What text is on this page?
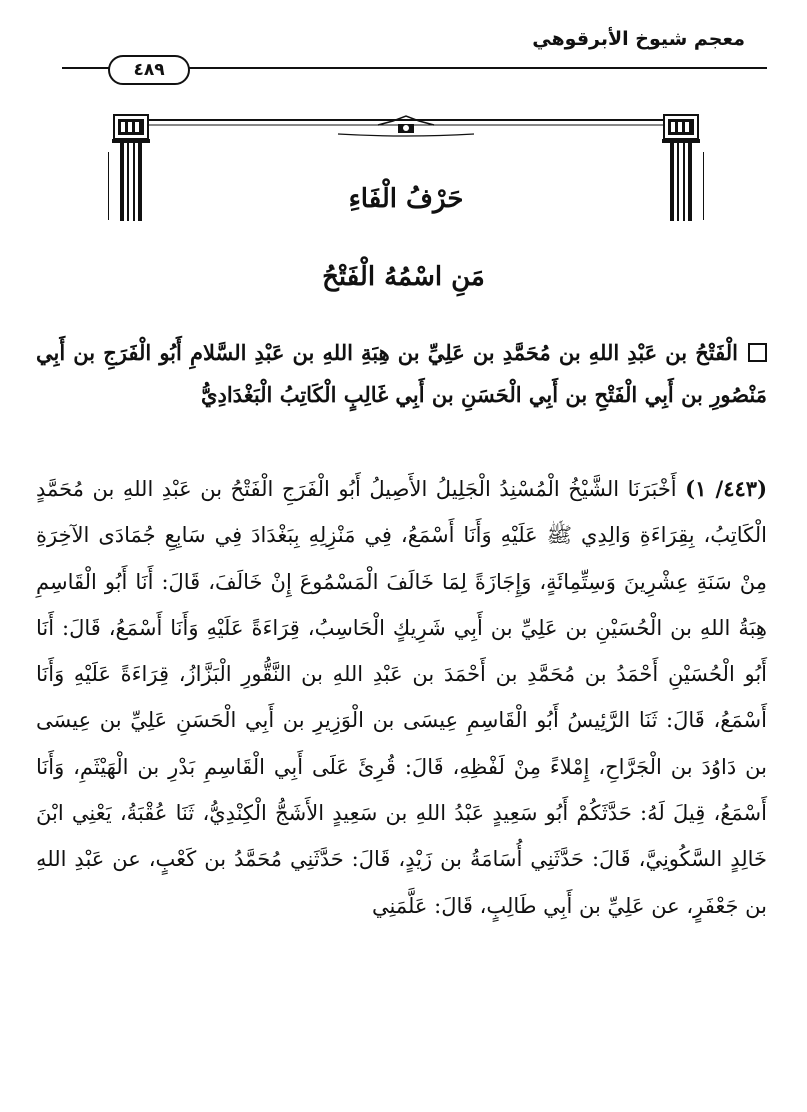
معجم شيوخ الأبرقوهي
٤٨٩
حَرْفُ الْفَاءِ
مَنِ اسْمُهُ الْفَتْحُ
الْفَتْحُ بن عَبْدِ اللهِ بن مُحَمَّدِ بن عَلِيِّ بن هِبَةِ اللهِ بن عَبْدِ السَّلامِ أَبُو الْفَرَجِ بن أَبِي مَنْصُورِ بن أَبِي الْفَتْحِ بن أَبِي الْحَسَنِ بن أَبِي غَالِبٍ الْكَاتِبُ الْبَغْدَادِيُّ
(٤٤٣/ ١) أَخْبَرَنَا الشَّيْخُ الْمُسْنِدُ الْجَلِيلُ الأَصِيلُ أَبُو الْفَرَجِ الْفَتْحُ بن عَبْدِ اللهِ بن مُحَمَّدٍ الْكَاتِبُ، بِقِرَاءَةِ وَالِدِي ﷺ عَلَيْهِ وَأَنَا أَسْمَعُ، فِي مَنْزِلِهِ بِبَغْدَادَ فِي سَابِعِ جُمَادَى الآخِرَةِ مِنْ سَنَةِ عِشْرِينَ وَسِتِّمِائَةٍ، وَإِجَازَةً لِمَا خَالَفَ الْمَسْمُوعَ إِنْ خَالَفَ، قَالَ: أَنَا أَبُو الْقَاسِمِ هِبَةُ اللهِ بن الْحُسَيْنِ بن عَلِيِّ بن أَبِي شَرِيكٍ الْحَاسِبُ، قِرَاءَةً عَلَيْهِ وَأَنَا أَسْمَعُ، قَالَ: أَنَا أَبُو الْحُسَيْنِ أَحْمَدُ بن مُحَمَّدِ بن أَحْمَدَ بن عَبْدِ اللهِ بن النَّقُّورِ الْبَزَّازُ، قِرَاءَةً عَلَيْهِ وَأَنَا أَسْمَعُ، قَالَ: ثَنَا الرَّئِيسُ أَبُو الْقَاسِمِ عِيسَى بن الْوَزِيرِ بن أَبِي الْحَسَنِ عَلِيِّ بن عِيسَى بن دَاوُدَ بن الْجَرَّاحِ، إِمْلاءً مِنْ لَفْظِهِ، قَالَ: قُرِئَ عَلَى أَبِي الْقَاسِمِ بَدْرِ بن الْهَيْثَمِ، وَأَنَا أَسْمَعُ، قِيلَ لَهُ: حَدَّثَكُمْ أَبُو سَعِيدٍ عَبْدُ اللهِ بن سَعِيدٍ الأَشَجُّ الْكِنْدِيُّ، ثَنَا عُقْبَةُ، يَعْنِي ابْنَ خَالِدٍ السَّكُونِيَّ، قَالَ: حَدَّثَنِي أُسَامَةُ بن زَيْدٍ، قَالَ: حَدَّثَنِي مُحَمَّدُ بن كَعْبٍ، عن عَبْدِ اللهِ بن جَعْفَرٍ، عن عَلِيِّ بن أَبِي طَالِبٍ، قَالَ: عَلَّمَنِي
